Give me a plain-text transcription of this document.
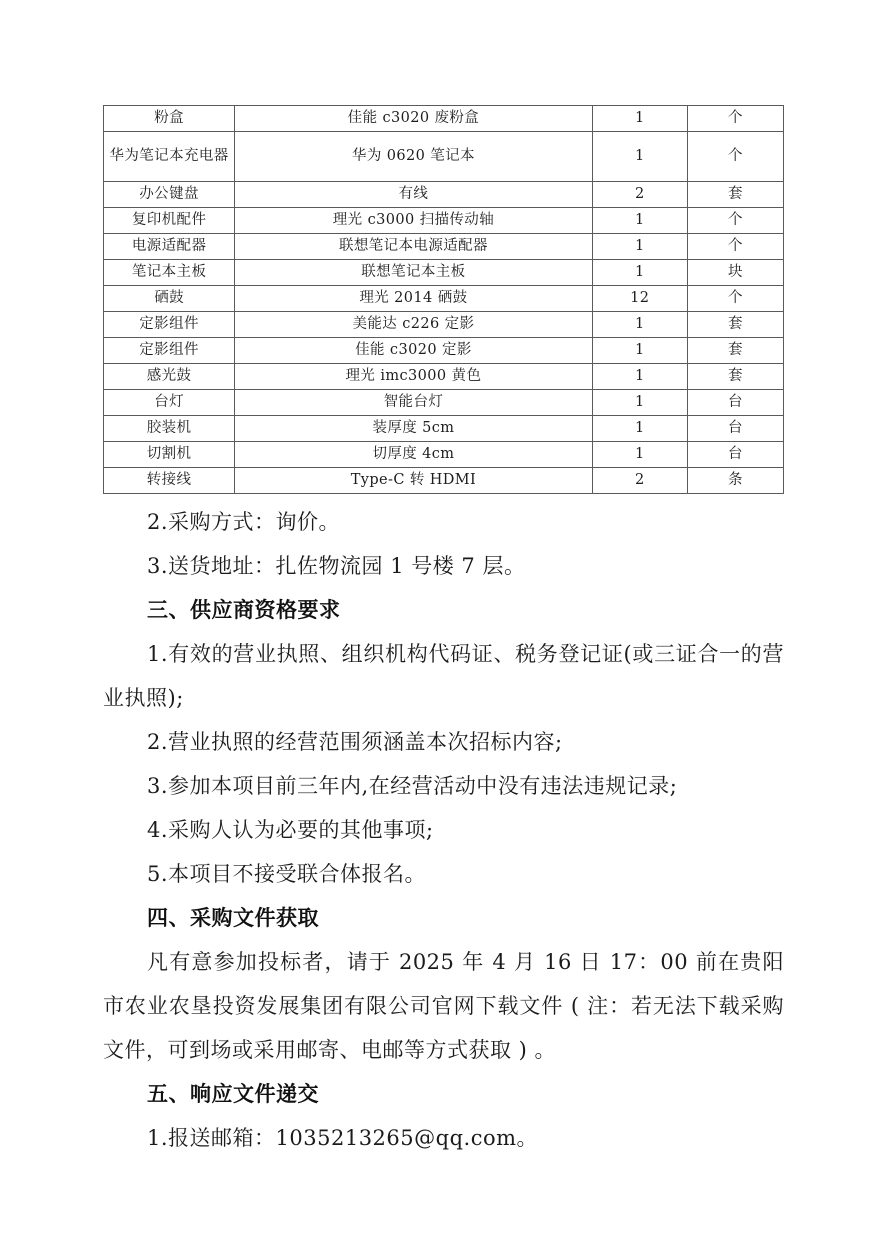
粉盒	佳能 c3020 废粉盒	1	个
华为笔记本充电器	华为 0620 笔记本	1	个
办公键盘	有线	2	套
复印机配件	理光 c3000 扫描传动轴	1	个
电源适配器	联想笔记本电源适配器	1	个
笔记本主板	联想笔记本主板	1	块
硒鼓	理光 2014 硒鼓	12	个
定影组件	美能达 c226 定影	1	套
定影组件	佳能 c3020 定影	1	套
感光鼓	理光 imc3000 黄色	1	套
台灯	智能台灯	1	台
胶装机	装厚度 5cm	1	台
切割机	切厚度 4cm	1	台
转接线	Type-C 转 HDMI	2	条

2.采购方式：询价。

3.送货地址：扎佐物流园 1 号楼 7 层。

三、供应商资格要求

1.有效的营业执照、组织机构代码证、税务登记证(或三证合一的营业执照);

2.营业执照的经营范围须涵盖本次招标内容;

3.参加本项目前三年内,在经营活动中没有违法违规记录;

4.采购人认为必要的其他事项;

5.本项目不接受联合体报名。

四、采购文件获取

凡有意参加投标者，请于 2025 年 4 月 16 日 17：00 前在贵阳市农业农垦投资发展集团有限公司官网下载文件 ( 注：若无法下载采购文件，可到场或采用邮寄、电邮等方式获取 ) 。

五、响应文件递交

1.报送邮箱：1035213265@qq.com。
